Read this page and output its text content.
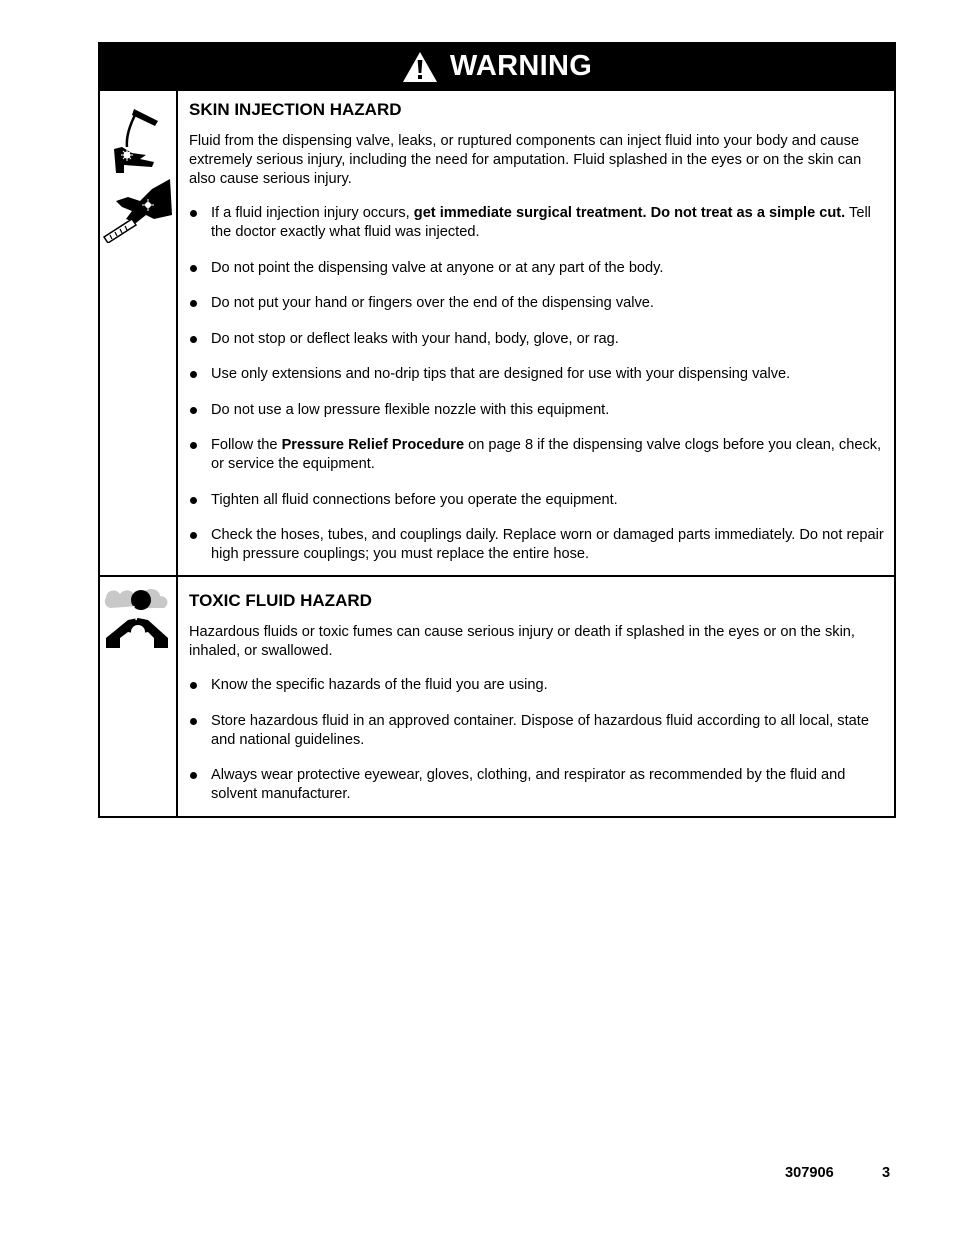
WARNING
SKIN INJECTION HAZARD

Fluid from the dispensing valve, leaks, or ruptured components can inject fluid into your body and cause extremely serious injury, including the need for amputation. Fluid splashed in the eyes or on the skin can also cause serious injury.

If a fluid injection injury occurs, get immediate surgical treatment. Do not treat as a simple cut. Tell the doctor exactly what fluid was injected.
Do not point the dispensing valve at anyone or at any part of the body.
Do not put your hand or fingers over the end of the dispensing valve.
Do not stop or deflect leaks with your hand, body, glove, or rag.
Use only extensions and no-drip tips that are designed for use with your dispensing valve.
Do not use a low pressure flexible nozzle with this equipment.
Follow the Pressure Relief Procedure on page 8 if the dispensing valve clogs before you clean, check, or service the equipment.
Tighten all fluid connections before you operate the equipment.
Check the hoses, tubes, and couplings daily. Replace worn or damaged parts immediately. Do not repair high pressure couplings; you must replace the entire hose.
TOXIC FLUID HAZARD

Hazardous fluids or toxic fumes can cause serious injury or death if splashed in the eyes or on the skin, inhaled, or swallowed.

Know the specific hazards of the fluid you are using.
Store hazardous fluid in an approved container. Dispose of hazardous fluid according to all local, state and national guidelines.
Always wear protective eyewear, gloves, clothing, and respirator as recommended by the fluid and solvent manufacturer.
307906	3
